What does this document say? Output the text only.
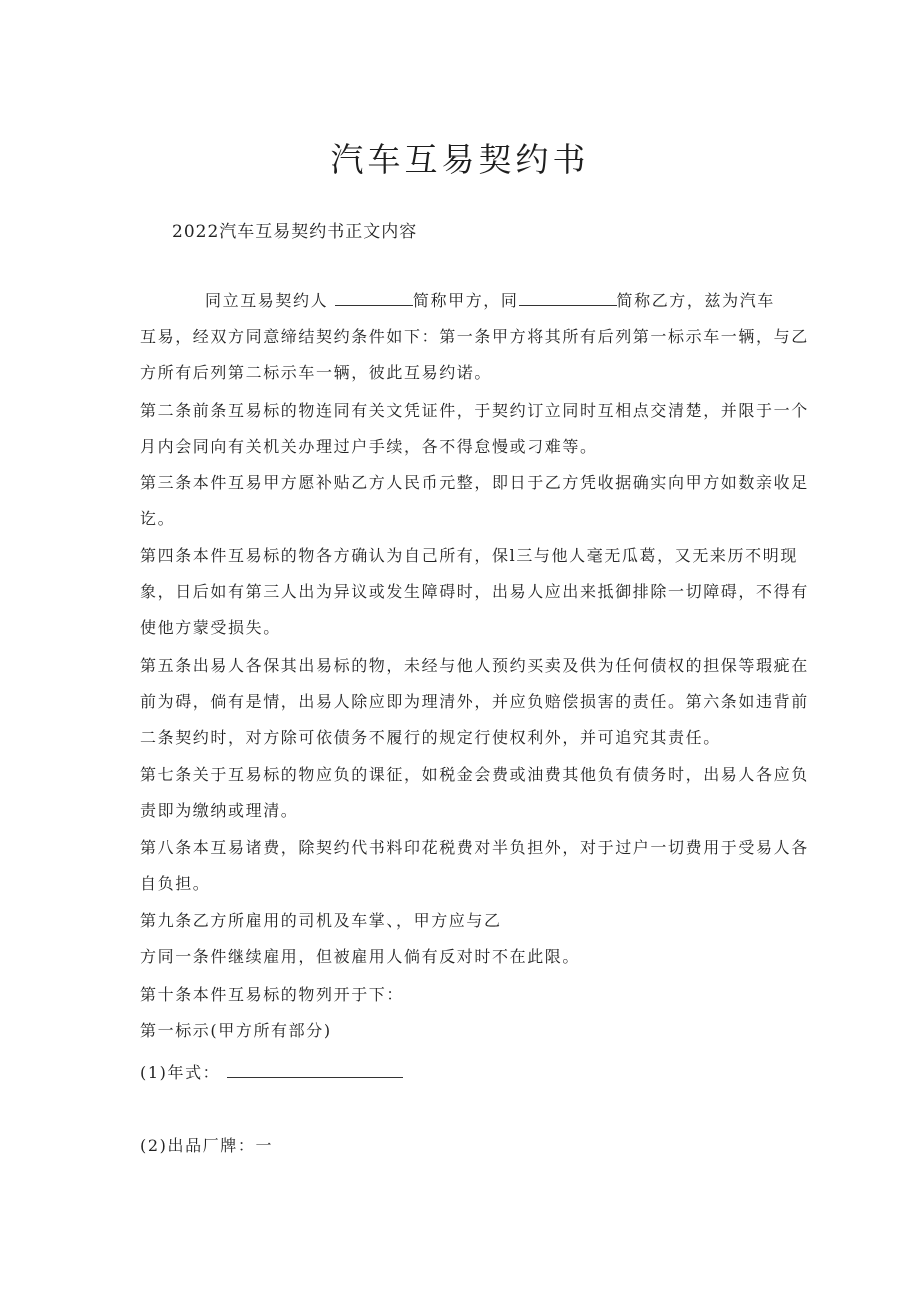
汽车互易契约书
2022汽车互易契约书正文内容
同立互易契约人	简称甲方，同	简称乙方，兹为汽车
互易，经双方同意缔结契约条件如下：第一条甲方将其所有后列第一标示车一辆，与乙
方所有后列第二标示车一辆，彼此互易约诺。
第二条前条互易标的物连同有关文凭证件，于契约订立同时互相点交清楚，并限于一个
月内会同向有关机关办理过户手续，各不得怠慢或刁难等。
第三条本件互易甲方愿补贴乙方人民币元整，即日于乙方凭收据确实向甲方如数亲收足
讫。
第四条本件互易标的物各方确认为自己所有，保l三与他人毫无瓜葛，又无来历不明现
象，日后如有第三人出为异议或发生障碍时，出易人应出来抵御排除一切障碍，不得有
使他方蒙受损失。
第五条出易人各保其出易标的物，未经与他人预约买卖及供为任何债权的担保等瑕疵在
前为碍，倘有是情，出易人除应即为理清外，并应负赔偿损害的责任。第六条如违背前
二条契约时，对方除可依债务不履行的规定行使权利外，并可追究其责任。
第七条关于互易标的物应负的课征，如税金会费或油费其他负有债务时，出易人各应负
责即为缴纳或理清。
第八条本互易诸费，除契约代书料印花税费对半负担外，对于过户一切费用于受易人各
自负担。
第九条乙方所雇用的司机及车掌、，甲方应与乙
方同一条件继续雇用，但被雇用人倘有反对时不在此限。
第十条本件互易标的物列开于下：
第一标示(甲方所有部分)
(1)年式：
(2)出品厂牌：一
